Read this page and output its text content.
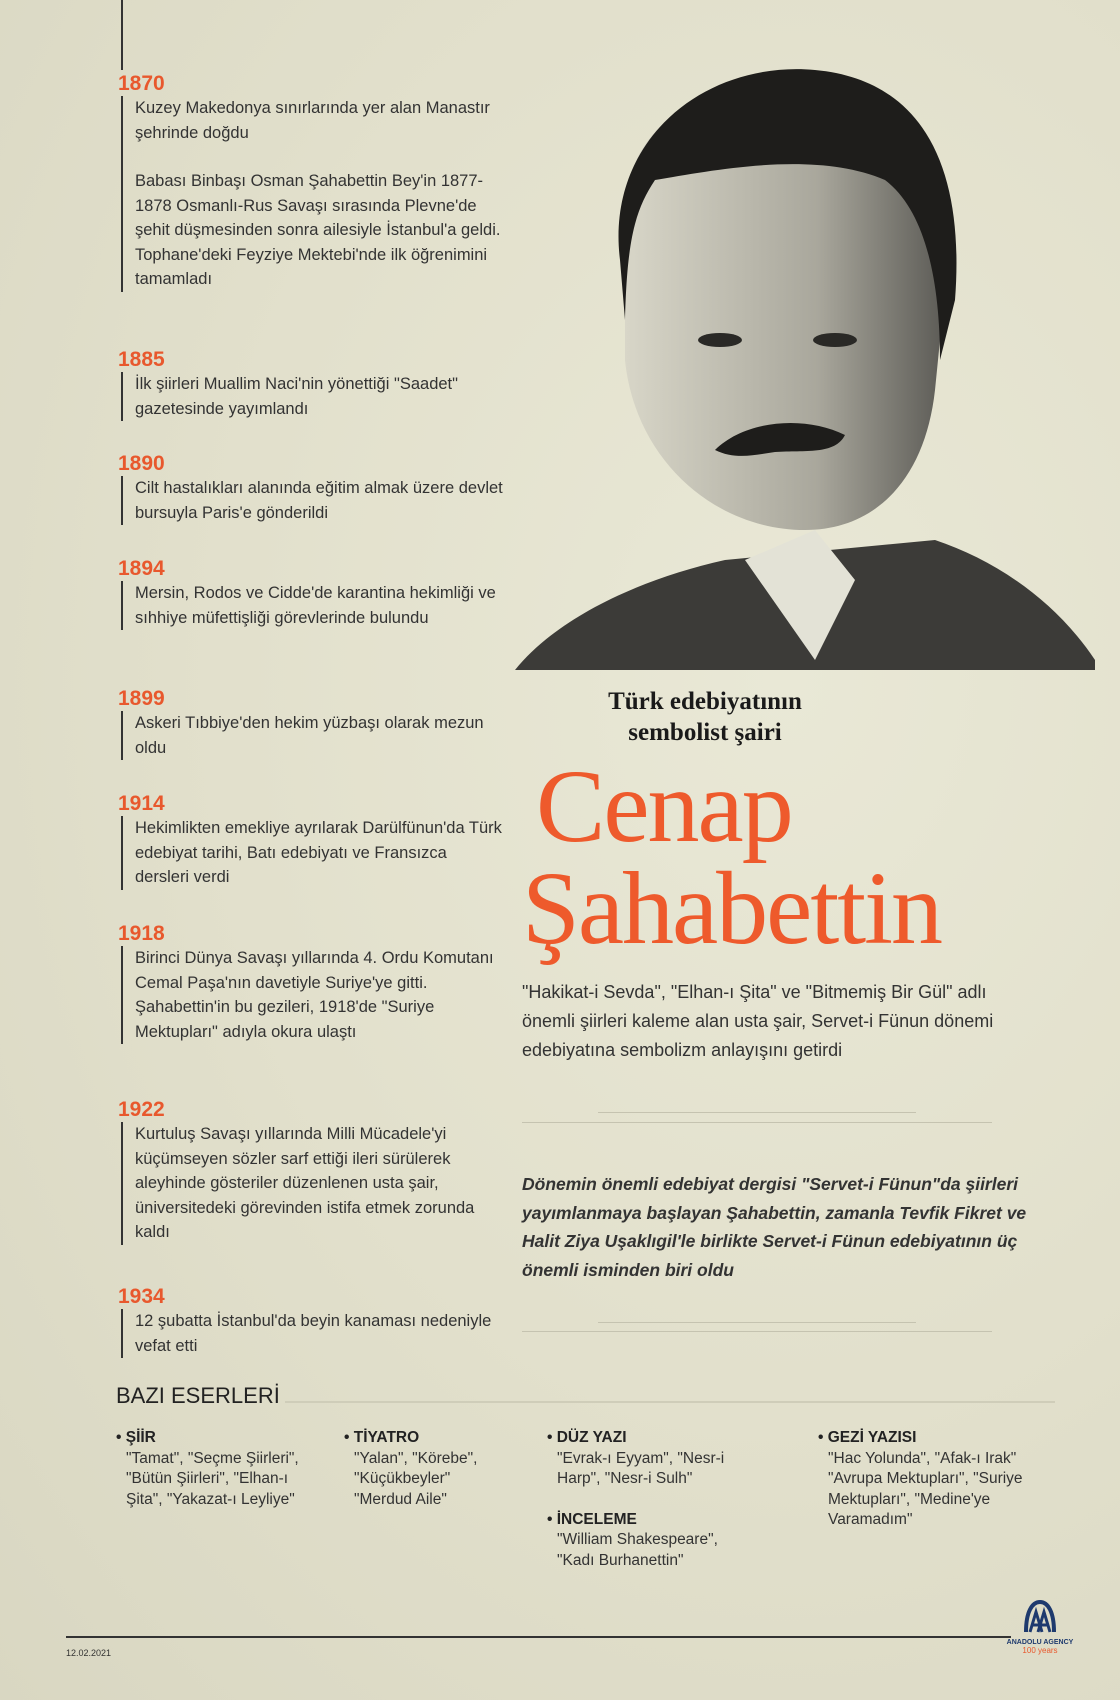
1870

Kuzey Makedonya sınırlarında yer alan Manastır şehrinde doğdu

Babası Binbaşı Osman Şahabettin Bey'in 1877-1878 Osmanlı-Rus Savaşı sırasında Plevne'de şehit düşmesinden sonra ailesiyle İstanbul'a geldi. Tophane'deki Feyziye Mektebi'nde ilk öğrenimini tamamladı

1885

İlk şiirleri Muallim Naci'nin yönettiği "Saadet" gazetesinde yayımlandı

1890

Cilt hastalıkları alanında eğitim almak üzere devlet bursuyla Paris'e gönderildi

1894

Mersin, Rodos ve Cidde'de karantina hekimliği ve sıhhiye müfettişliği görevlerinde bulundu

1899

Askeri Tıbbiye'den hekim yüzbaşı olarak mezun oldu

1914

Hekimlikten emekliye ayrılarak Darülfünun'da Türk edebiyat tarihi, Batı edebiyatı ve Fransızca dersleri verdi

1918

Birinci Dünya Savaşı yıllarında 4. Ordu Komutanı Cemal Paşa'nın davetiyle Suriye'ye gitti. Şahabettin'in bu gezileri, 1918'de "Suriye Mektupları" adıyla okura ulaştı

1922

Kurtuluş Savaşı yıllarında Milli Mücadele'yi küçümseyen sözler sarf ettiği ileri sürülerek aleyhinde gösteriler düzenlenen usta şair, üniversitedeki görevinden istifa etmek zorunda kaldı

1934

12 şubatta İstanbul'da beyin kanaması nedeniyle vefat etti

Türk edebiyatının
sembolist şairi
Cenap
Şahabettin
"Hakikat-i Sevda", "Elhan-ı Şita" ve "Bitmemiş Bir Gül" adlı önemli şiirleri kaleme alan usta şair, Servet-i Fünun dönemi edebiyatına sembolizm anlayışını getirdi
Dönemin önemli edebiyat dergisi "Servet-i Fünun"da şiirleri yayımlanmaya başlayan Şahabettin, zamanla Tevfik Fikret ve Halit Ziya Uşaklıgil'le birlikte Servet-i Fünun edebiyatının üç önemli isminden biri oldu
BAZI ESERLERİ
• ŞİİR
"Tamat", "Seçme Şiirleri", "Bütün Şiirleri", "Elhan-ı Şita", "Yakazat-ı Leyliye"
• TİYATRO
"Yalan", "Körebe", "Küçükbeyler" "Merdud Aile"
• DÜZ YAZI
"Evrak-ı Eyyam", "Nesr-i Harp", "Nesr-i Sulh"
• İNCELEME
"William Shakespeare", "Kadı Burhanettin"
• GEZİ YAZISI
"Hac Yolunda", "Afak-ı Irak" "Avrupa Mektupları", "Suriye Mektupları", "Medine'ye Varamadım"
12.02.2021
ANADOLU AGENCY
100 years
